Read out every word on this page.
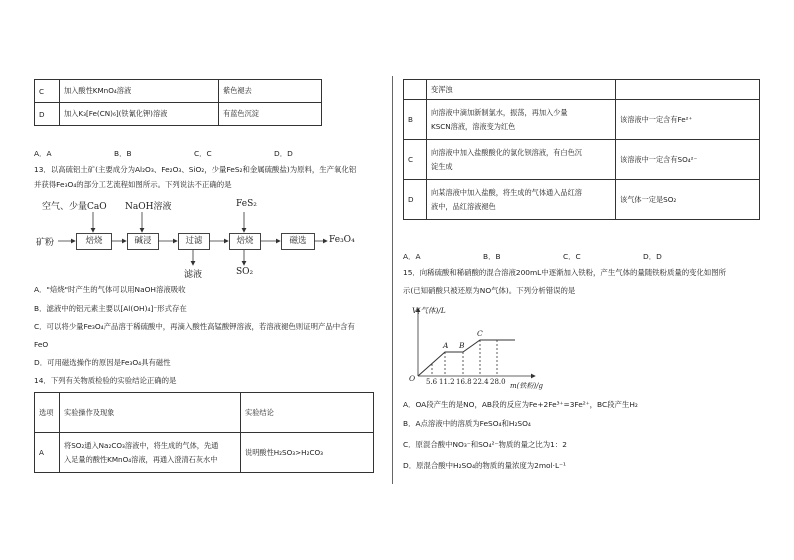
C	加入酸性KMnO₄溶液	紫色褪去
D	加入K₃[Fe(CN)₆](铁氰化钾)溶液	有蓝色沉淀
A．A	B．B	C．C	D．D
13．以高硫铝土矿(主要成分为Al₂O₃、Fe₂O₃、SiO₂，少量FeS₂和金属硫酸盐)为原料，生产氧化铝
并获得Fe₃O₄的部分工艺流程如图所示。下列说法不正确的是
空气、少量CaO NaOH溶液	FeS₂
矿粉	焙烧	碱浸	过滤	焙烧	磁选	Fe₃O₄
滤液	SO₂
A．"焙烧"时产生的气体可以用NaOH溶液吸收
B．滤液中的铝元素主要以[Al(OH)₄]⁻形式存在
C．可以将少量Fe₃O₄产品溶于稀硫酸中，再滴入酸性高锰酸钾溶液，若溶液褪色则证明产品中含有
FeO
D．可用磁选操作的原因是Fe₃O₄具有磁性
14．下列有关物质检验的实验结论正确的是
选项	实验操作及现象	实验结论
A	将SO₂通入Na₂CO₃溶液中，将生成的气体，先通
入足量的酸性KMnO₄溶液，再通入澄清石灰水中	说明酸性H₂SO₃>H₂CO₃

	变浑浊	

B	向溶液中滴加新制氯水，振荡，再加入少量
KSCN溶液，溶液变为红色	该溶液中一定含有Fe²⁺
C	向溶液中加入盐酸酸化的氯化钡溶液，有白色沉
淀生成	该溶液中一定含有SO₄²⁻
D	向某溶液中加入盐酸，将生成的气体通入品红溶
液中，品红溶液褪色	该气体一定是SO₂
A．A	B．B	C．C	D．D
15．向稀硫酸和稀硝酸的混合溶液200mL中逐渐加入铁粉，产生气体的量随铁粉质量的变化如图所
示(已知硝酸只被还原为NO气体)。下列分析错误的是
V(气体)/L
O 5.6 11.2 16.8 22.4 28.0 m(铁粉)/g
A B
C
A．OA段产生的是NO，AB段的反应为Fe+2Fe³⁺=3Fe²⁺，BC段产生H₂
B．A点溶液中的溶质为FeSO₄和H₂SO₄
C．原混合酸中NO₃⁻和SO₄²⁻物质的量之比为1：2
D．原混合酸中H₂SO₄的物质的量浓度为2mol·L⁻¹
